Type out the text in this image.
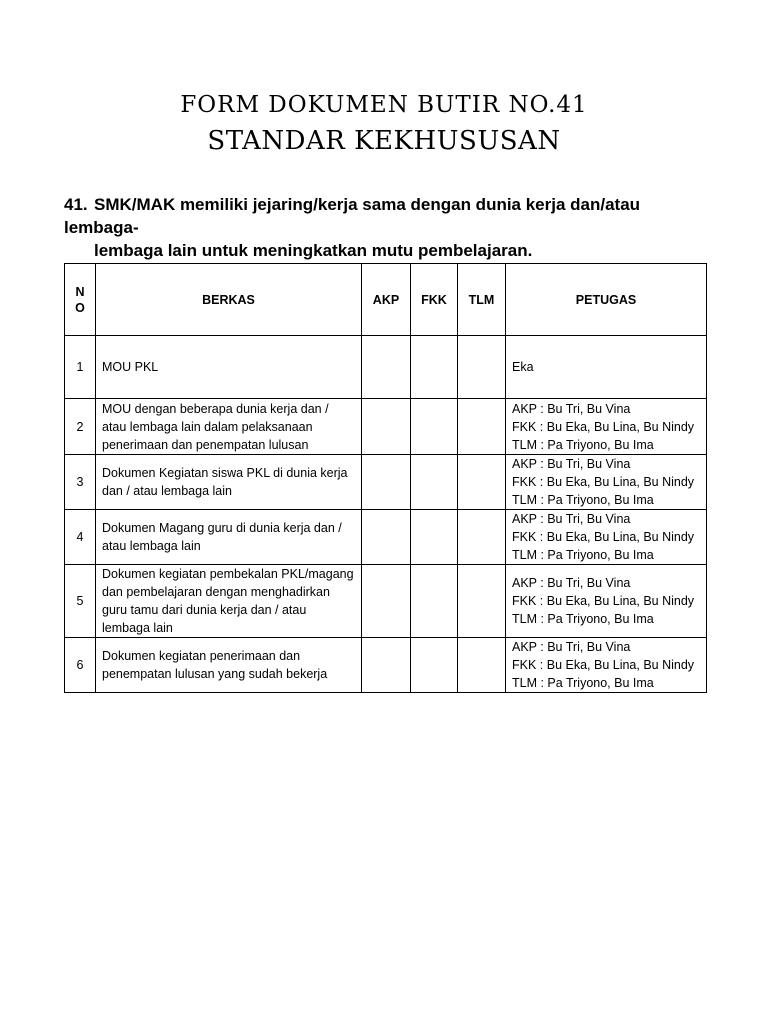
FORM DOKUMEN BUTIR NO.41
STANDAR KEKHUSUSAN
41. SMK/MAK memiliki jejaring/kerja sama dengan dunia kerja dan/atau lembaga-
lembaga lain untuk meningkatkan mutu pembelajaran.
N
O	BERKAS	AKP	FKK	TLM	PETUGAS
1	MOU PKL				Eka

2	MOU dengan beberapa dunia kerja dan / atau lembaga lain dalam pelaksanaan penerimaan dan penempatan lulusan				AKP : Bu Tri, Bu Vina
FKK : Bu Eka, Bu Lina, Bu Nindy
TLM : Pa Triyono, Bu Ima

3	Dokumen Kegiatan siswa PKL di dunia kerja dan / atau lembaga lain				AKP : Bu Tri, Bu Vina
FKK : Bu Eka, Bu Lina, Bu Nindy
TLM : Pa Triyono, Bu Ima

4	Dokumen Magang guru di dunia kerja dan / atau lembaga lain				AKP : Bu Tri, Bu Vina
FKK : Bu Eka, Bu Lina, Bu Nindy
TLM : Pa Triyono, Bu Ima

5	Dokumen kegiatan pembekalan PKL/magang dan pembelajaran dengan menghadirkan guru tamu dari dunia kerja dan / atau lembaga lain				AKP : Bu Tri, Bu Vina
FKK : Bu Eka, Bu Lina, Bu Nindy
TLM : Pa Triyono, Bu Ima

6	Dokumen kegiatan penerimaan dan penempatan lulusan yang sudah bekerja				AKP : Bu Tri, Bu Vina
FKK : Bu Eka, Bu Lina, Bu Nindy
TLM : Pa Triyono, Bu Ima
